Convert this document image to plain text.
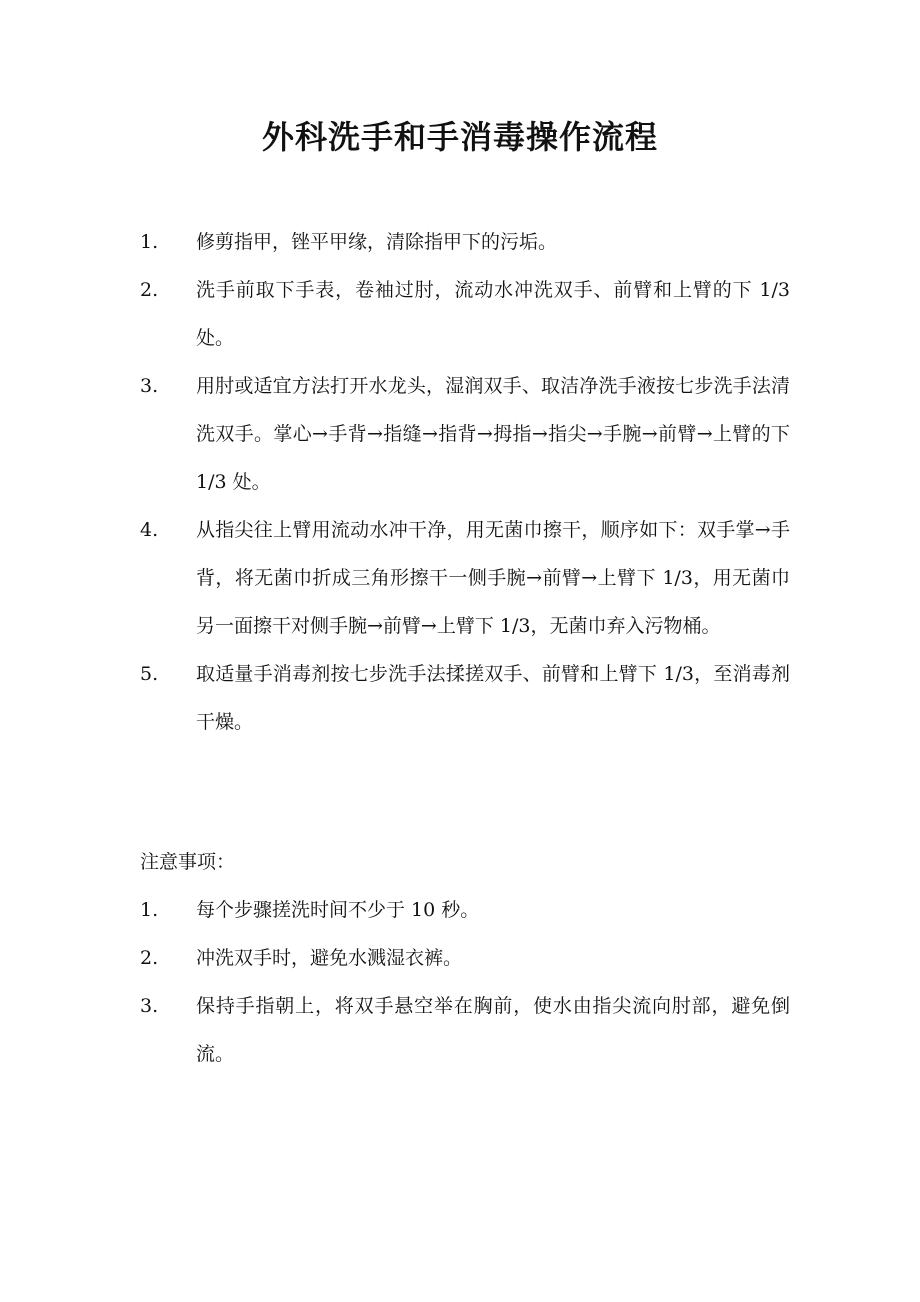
外科洗手和手消毒操作流程
1.	修剪指甲，锉平甲缘，清除指甲下的污垢。
2.	洗手前取下手表，卷袖过肘，流动水冲洗双手、前臂和上臂的下 1/3 处。
3.	用肘或适宜方法打开水龙头，湿润双手、取洁净洗手液按七步洗手法清洗双手。掌心→手背→指缝→指背→拇指→指尖→手腕→前臂→上臂的下 1/3 处。
4.	从指尖往上臂用流动水冲干净，用无菌巾擦干，顺序如下：双手掌→手背，将无菌巾折成三角形擦干一侧手腕→前臂→上臂下 1/3，用无菌巾另一面擦干对侧手腕→前臂→上臂下 1/3，无菌巾弃入污物桶。
5.	取适量手消毒剂按七步洗手法揉搓双手、前臂和上臂下 1/3，至消毒剂干燥。

注意事项：

1.	每个步骤搓洗时间不少于 10 秒。
2.	冲洗双手时，避免水溅湿衣裤。
3.	保持手指朝上，将双手悬空举在胸前，使水由指尖流向肘部，避免倒流。
